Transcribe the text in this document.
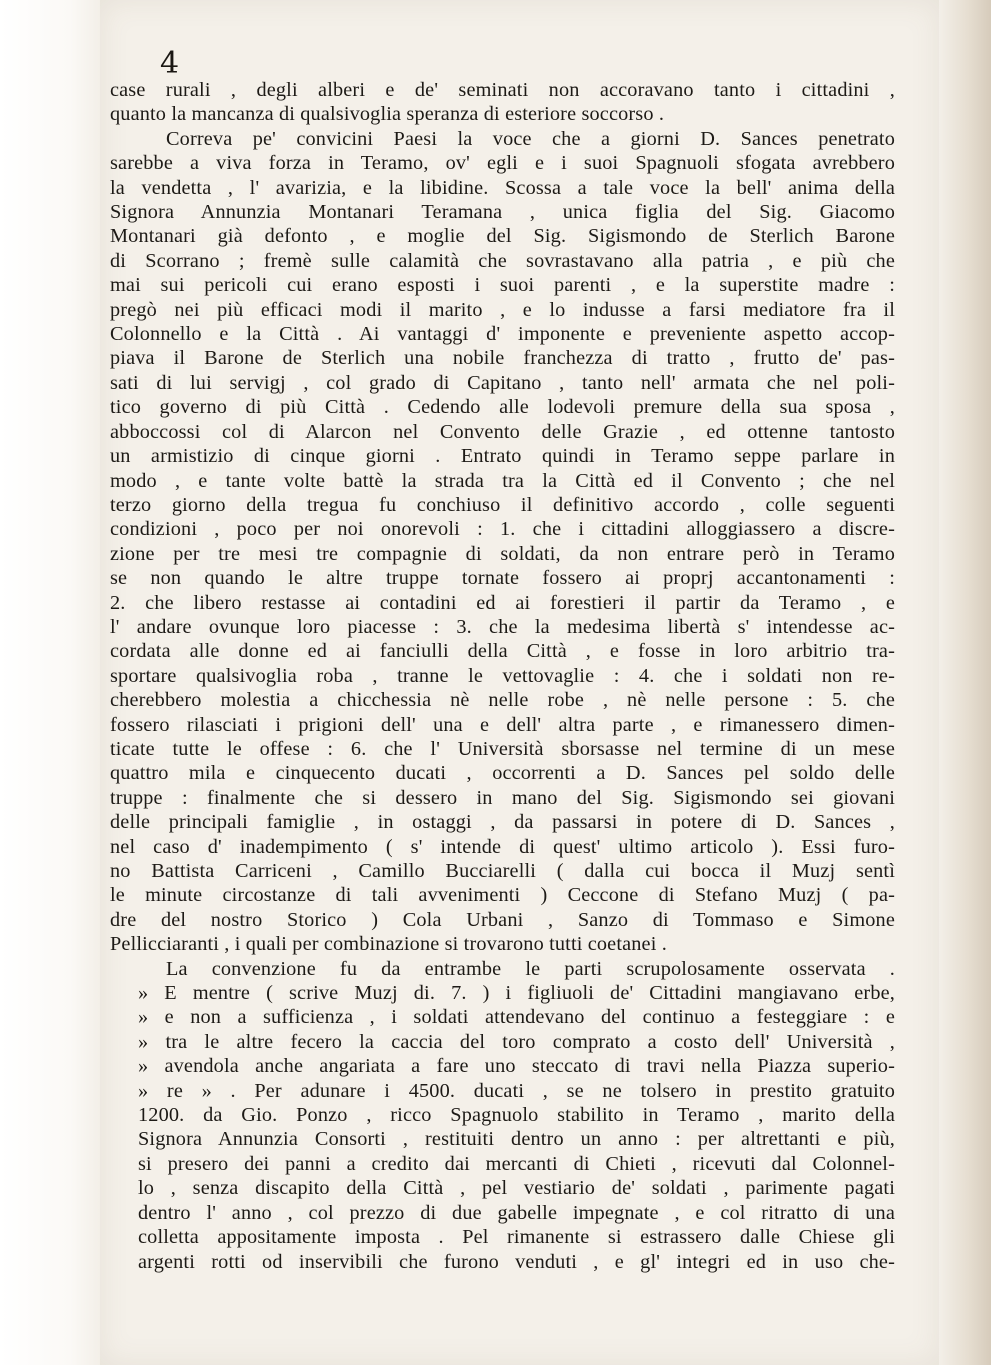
4

case rurali , degli alberi e de' seminati non accoravano tanto i cittadini ,

quanto la mancanza di qualsivoglia speranza di esteriore soccorso .

Correva pe' convicini Paesi la voce che a giorni D. Sances penetrato

sarebbe a viva forza in Teramo, ov' egli e i suoi Spagnuoli sfogata avrebbero

la vendetta , l' avarizia, e la libidine. Scossa a tale voce la bell' anima della

Signora Annunzia Montanari Teramana , unica figlia del Sig. Giacomo

Montanari già defonto , e moglie del Sig. Sigismondo de Sterlich Barone

di Scorrano ; fremè sulle calamità che sovrastavano alla patria , e più che

mai sui pericoli cui erano esposti i suoi parenti , e la superstite madre :

pregò nei più efficaci modi il marito , e lo indusse a farsi mediatore fra il

Colonnello e la Città . Ai vantaggi d' imponente e preveniente aspetto accop-

piava il Barone de Sterlich una nobile franchezza di tratto , frutto de' pas-

sati di lui servigj , col grado di Capitano , tanto nell' armata che nel poli-

tico governo di più Città . Cedendo alle lodevoli premure della sua sposa ,

abboccossi col di Alarcon nel Convento delle Grazie , ed ottenne tantosto

un armistizio di cinque giorni . Entrato quindi in Teramo seppe parlare in

modo , e tante volte battè la strada tra la Città ed il Convento ; che nel

terzo giorno della tregua fu conchiuso il definitivo accordo , colle seguenti

condizioni , poco per noi onorevoli : 1. che i cittadini alloggiassero a discre-

zione per tre mesi tre compagnie di soldati, da non entrare però in Teramo

se non quando le altre truppe tornate fossero ai proprj accantonamenti :

2. che libero restasse ai contadini ed ai forestieri il partir da Teramo , e

l' andare ovunque loro piacesse : 3. che la medesima libertà s' intendesse ac-

cordata alle donne ed ai fanciulli della Città , e fosse in loro arbitrio tra-

sportare qualsivoglia roba , tranne le vettovaglie : 4. che i soldati non re-

cherebbero molestia a chicchessia nè nelle robe , nè nelle persone : 5. che

fossero rilasciati i prigioni dell' una e dell' altra parte , e rimanessero dimen-

ticate tutte le offese : 6. che l' Università sborsasse nel termine di un mese

quattro mila e cinquecento ducati , occorrenti a D. Sances pel soldo delle

truppe : finalmente che si dessero in mano del Sig. Sigismondo sei giovani

delle principali famiglie , in ostaggi , da passarsi in potere di D. Sances ,

nel caso d' inadempimento ( s' intende di quest' ultimo articolo ). Essi furo-

no Battista Carriceni , Camillo Bucciarelli ( dalla cui bocca il Muzj sentì

le minute circostanze di tali avvenimenti ) Ceccone di Stefano Muzj ( pa-

dre del nostro Storico ) Cola Urbani , Sanzo di Tommaso e Simone

Pellicciaranti , i quali per combinazione si trovarono tutti coetanei .

La convenzione fu da entrambe le parti scrupolosamente osservata .

» E mentre ( scrive Muzj di. 7. ) i figliuoli de' Cittadini mangiavano erbe,

» e non a sufficienza , i soldati attendevano del continuo a festeggiare : e

» tra le altre fecero la caccia del toro comprato a costo dell' Università ,

» avendola anche angariata a fare uno steccato di travi nella Piazza superio-

» re » . Per adunare i 4500. ducati , se ne tolsero in prestito gratuito

1200. da Gio. Ponzo , ricco Spagnuolo stabilito in Teramo , marito della

Signora Annunzia Consorti , restituiti dentro un anno : per altrettanti e più,

si presero dei panni a credito dai mercanti di Chieti , ricevuti dal Colonnel-

lo , senza discapito della Città , pel vestiario de' soldati , parimente pagati

dentro l' anno , col prezzo di due gabelle impegnate , e col ritratto di una

colletta appositamente imposta . Pel rimanente si estrassero dalle Chiese gli

argenti rotti od inservibili che furono venduti , e gl' integri ed in uso che-
